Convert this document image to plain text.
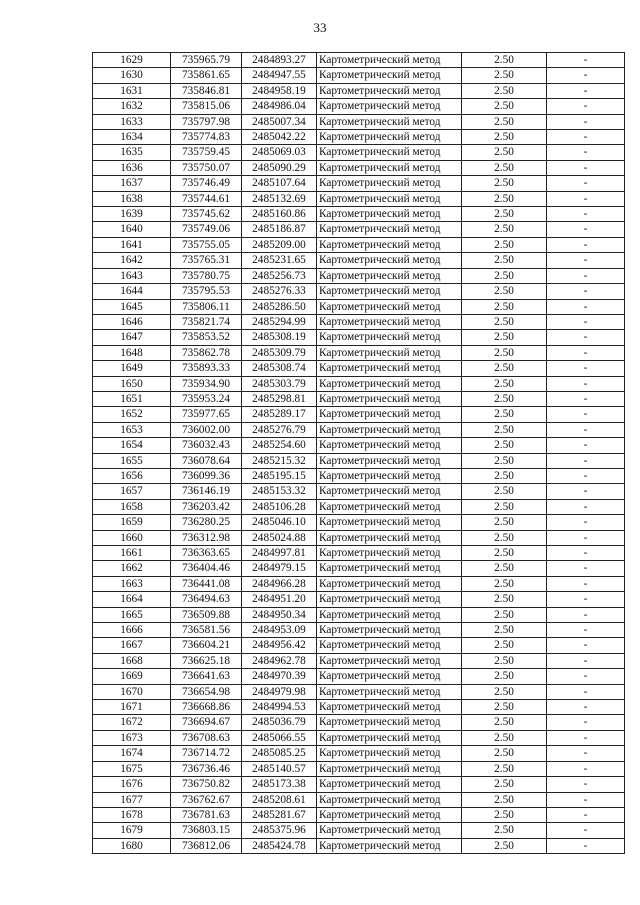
33
1629	735965.79	2484893.27	Картометрический метод	2.50	-
1630	735861.65	2484947.55	Картометрический метод	2.50	-
1631	735846.81	2484958.19	Картометрический метод	2.50	-
1632	735815.06	2484986.04	Картометрический метод	2.50	-
1633	735797.98	2485007.34	Картометрический метод	2.50	-
1634	735774.83	2485042.22	Картометрический метод	2.50	-
1635	735759.45	2485069.03	Картометрический метод	2.50	-
1636	735750.07	2485090.29	Картометрический метод	2.50	-
1637	735746.49	2485107.64	Картометрический метод	2.50	-
1638	735744.61	2485132.69	Картометрический метод	2.50	-
1639	735745.62	2485160.86	Картометрический метод	2.50	-
1640	735749.06	2485186.87	Картометрический метод	2.50	-
1641	735755.05	2485209.00	Картометрический метод	2.50	-
1642	735765.31	2485231.65	Картометрический метод	2.50	-
1643	735780.75	2485256.73	Картометрический метод	2.50	-
1644	735795.53	2485276.33	Картометрический метод	2.50	-
1645	735806.11	2485286.50	Картометрический метод	2.50	-
1646	735821.74	2485294.99	Картометрический метод	2.50	-
1647	735853.52	2485308.19	Картометрический метод	2.50	-
1648	735862.78	2485309.79	Картометрический метод	2.50	-
1649	735893.33	2485308.74	Картометрический метод	2.50	-
1650	735934.90	2485303.79	Картометрический метод	2.50	-
1651	735953.24	2485298.81	Картометрический метод	2.50	-
1652	735977.65	2485289.17	Картометрический метод	2.50	-
1653	736002.00	2485276.79	Картометрический метод	2.50	-
1654	736032.43	2485254.60	Картометрический метод	2.50	-
1655	736078.64	2485215.32	Картометрический метод	2.50	-
1656	736099.36	2485195.15	Картометрический метод	2.50	-
1657	736146.19	2485153.32	Картометрический метод	2.50	-
1658	736203.42	2485106.28	Картометрический метод	2.50	-
1659	736280.25	2485046.10	Картометрический метод	2.50	-
1660	736312.98	2485024.88	Картометрический метод	2.50	-
1661	736363.65	2484997.81	Картометрический метод	2.50	-
1662	736404.46	2484979.15	Картометрический метод	2.50	-
1663	736441.08	2484966.28	Картометрический метод	2.50	-
1664	736494.63	2484951.20	Картометрический метод	2.50	-
1665	736509.88	2484950.34	Картометрический метод	2.50	-
1666	736581.56	2484953.09	Картометрический метод	2.50	-
1667	736604.21	2484956.42	Картометрический метод	2.50	-
1668	736625.18	2484962.78	Картометрический метод	2.50	-
1669	736641.63	2484970.39	Картометрический метод	2.50	-
1670	736654.98	2484979.98	Картометрический метод	2.50	-
1671	736668.86	2484994.53	Картометрический метод	2.50	-
1672	736694.67	2485036.79	Картометрический метод	2.50	-
1673	736708.63	2485066.55	Картометрический метод	2.50	-
1674	736714.72	2485085.25	Картометрический метод	2.50	-
1675	736736.46	2485140.57	Картометрический метод	2.50	-
1676	736750.82	2485173.38	Картометрический метод	2.50	-
1677	736762.67	2485208.61	Картометрический метод	2.50	-
1678	736781.63	2485281.67	Картометрический метод	2.50	-
1679	736803.15	2485375.96	Картометрический метод	2.50	-
1680	736812.06	2485424.78	Картометрический метод	2.50	-
